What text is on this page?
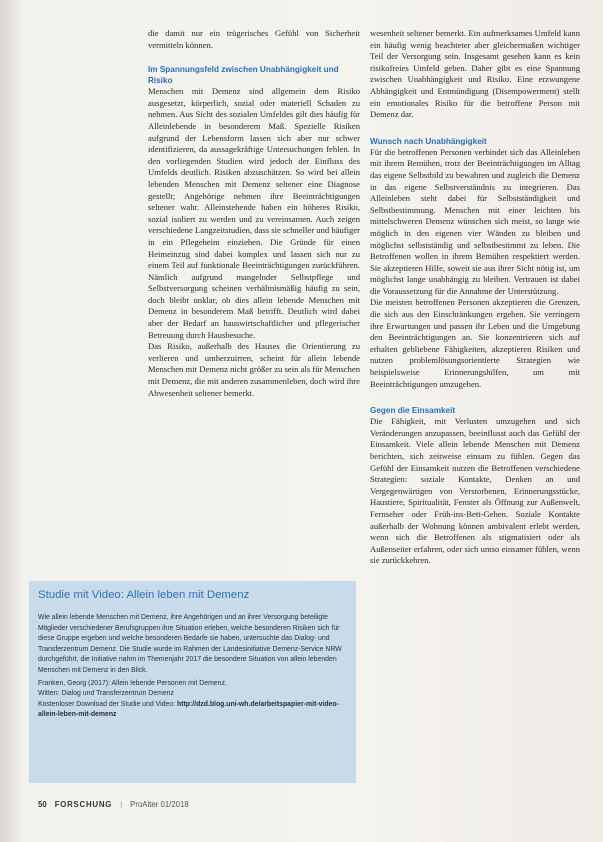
die damit nur ein trügerisches Gefühl von Sicherheit vermitteln können.

Im Spannungsfeld zwischen Unabhängigkeit und Risiko

Menschen mit Demenz sind allgemein dem Risiko ausgesetzt, körperlich, sozial oder materiell Schaden zu nehmen. Aus Sicht des sozialen Umfeldes gilt dies häufig für Alleinlebende in besonderem Maß. Spezielle Risiken aufgrund der Lebensform lassen sich aber nur schwer identifizieren, da aussagekräftige Untersuchungen fehlen. In den vorliegenden Studien wird jedoch der Einfluss des Umfelds deutlich. Risiken abzuschätzen. So wird bei allein lebenden Menschen mit Demenz seltener eine Diagnose gestellt; Angehörige nehmen ihre Beeinträchtigungen seltener wahr. Alleinstehende haben ein höheres Risiko, sozial isoliert zu werden und zu vereinsamen. Auch zeigen verschiedene Langzeitstudien, dass sie schneller und häufiger in ein Pflegeheim einziehen. Die Gründe für einen Heimeinzug sind dabei komplex und lassen sich nur zu einem Teil auf funktionale Beeinträchtigungen zurückführen. Nämlich aufgrund mangelnder Selbstpflege und Selbstversorgung scheinen verhältnismäßig häufig zu sein, doch bleibt unklar, ob dies allein lebende Menschen mit Demenz in besonderem Maß betrifft. Deutlich wird dabei aber der Bedarf an hauswirtschaftlicher und pflegerischer Betreuung durch Hausbesuche.

Das Risiko, außerhalb des Hauses die Orientierung zu verlieren und umherzuirren, scheint für allein lebende Menschen mit Demenz nicht größer zu sein als für Menschen mit Demenz, die mit anderen zusammenleben, doch wird ihre Abwesenheit seltener bemerkt.

wesenheit seltener bemerkt. Ein aufmerksames Umfeld kann ein häufig wenig beachteter aber gleichermaßen wichtiger Teil der Versorgung sein. Insgesamt gesehen kann es kein risikofreies Umfeld geben. Daher gibt es eine Spannung zwischen Unabhängigkeit und Risiko. Eine erzwungene Abhängigkeit und Entmündigung (Disempowerment) stellt ein emotionales Risiko für die betroffene Person mit Demenz dar.

Wunsch nach Unabhängigkeit

Für die betroffenen Personen verbindet sich das Alleinleben mit ihrem Bemühen, trotz der Beeinträchtigungen im Alltag das eigene Selbstbild zu bewahren und zugleich die Demenz in das eigene Selbstverständnis zu integrieren. Das Alleinleben steht dabei für Selbstständigkeit und Selbstbestimmung. Menschen mit einer leichten bis mittelschweren Demenz wünschen sich meist, so lange wie möglich in den eigenen vier Wänden zu bleiben und möglichst selbstständig und selbstbestimmt zu leben. Die Betroffenen wollen in ihrem Bemühen respektiert werden. Sie akzeptieren Hilfe, soweit sie aus ihrer Sicht nötig ist, um möglichst lange unabhängig zu bleiben. Vertrauen ist dabei die Voraussetzung für die Annahme der Unterstützung.

Die meisten betroffenen Personen akzeptieren die Grenzen, die sich aus den Einschränkungen ergeben. Sie verringern ihre Erwartungen und passen ihr Leben und die Umgebung den Beeinträchtigungen an. Sie konzentrieren sich auf erhalten gebliebene Fähigkeiten, akzeptieren Risiken und nutzen problemlösungsorientierte Strategien wie beispielsweise Erinnerungshilfen, um mit Beeinträchtigungen umzugehen.

Gegen die Einsamkeit

Die Fähigkeit, mit Verlusten umzugehen und sich Veränderungen anzupassen, beeinflusst auch das Gefühl der Einsamkeit. Viele allein lebende Menschen mit Demenz berichten, sich zeitweise einsam zu fühlen. Gegen das Gefühl der Einsamkeit nutzen die Betroffenen verschiedene Strategien: soziale Kontakte, Denken an und Vergegenwärtigen von Verstorbenen, Erinnerungsstücke, Haustiere, Spiritualität, Fenster als Öffnung zur Außenwelt, Fernseher oder Früh-ins-Bett-Gehen. Soziale Kontakte außerhalb der Wohnung können ambivalent erlebt werden, wenn sich die Betroffenen als stigmatisiert oder als Außenseiter erfahren, oder sich umso einsamer fühlen, wenn sie zurückkehren.

Studie mit Video: Allein leben mit Demenz

Wie allein lebende Menschen mit Demenz, ihre Angehörigen und an ihrer Versorgung beteiligte Mitglieder verschiedener Berufsgruppen ihre Situation erleben, welche besonderen Risiken sich für diese Gruppe ergeben und welche besonderen Bedarfe sie haben, untersuchte das Dialog- und Transferzentrum Demenz. Die Studie wurde im Rahmen der Landesinitiative Demenz-Service NRW durchgeführt, die Initiative nahm im Themenjahr 2017 die besondere Situation von allein lebenden Menschen mit Demenz in den Blick.

Franken, Georg (2017): Allein lebende Personen mit Demenz.

Witten: Dialog und Transferzentrum Demenz

Kostenloser Download der Studie und Video: http://dzd.blog.uni-wh.de/arbeitspapier-mit-video-allein-leben-mit-demenz

50 FORSCHUNG | ProAlter 01/2018
